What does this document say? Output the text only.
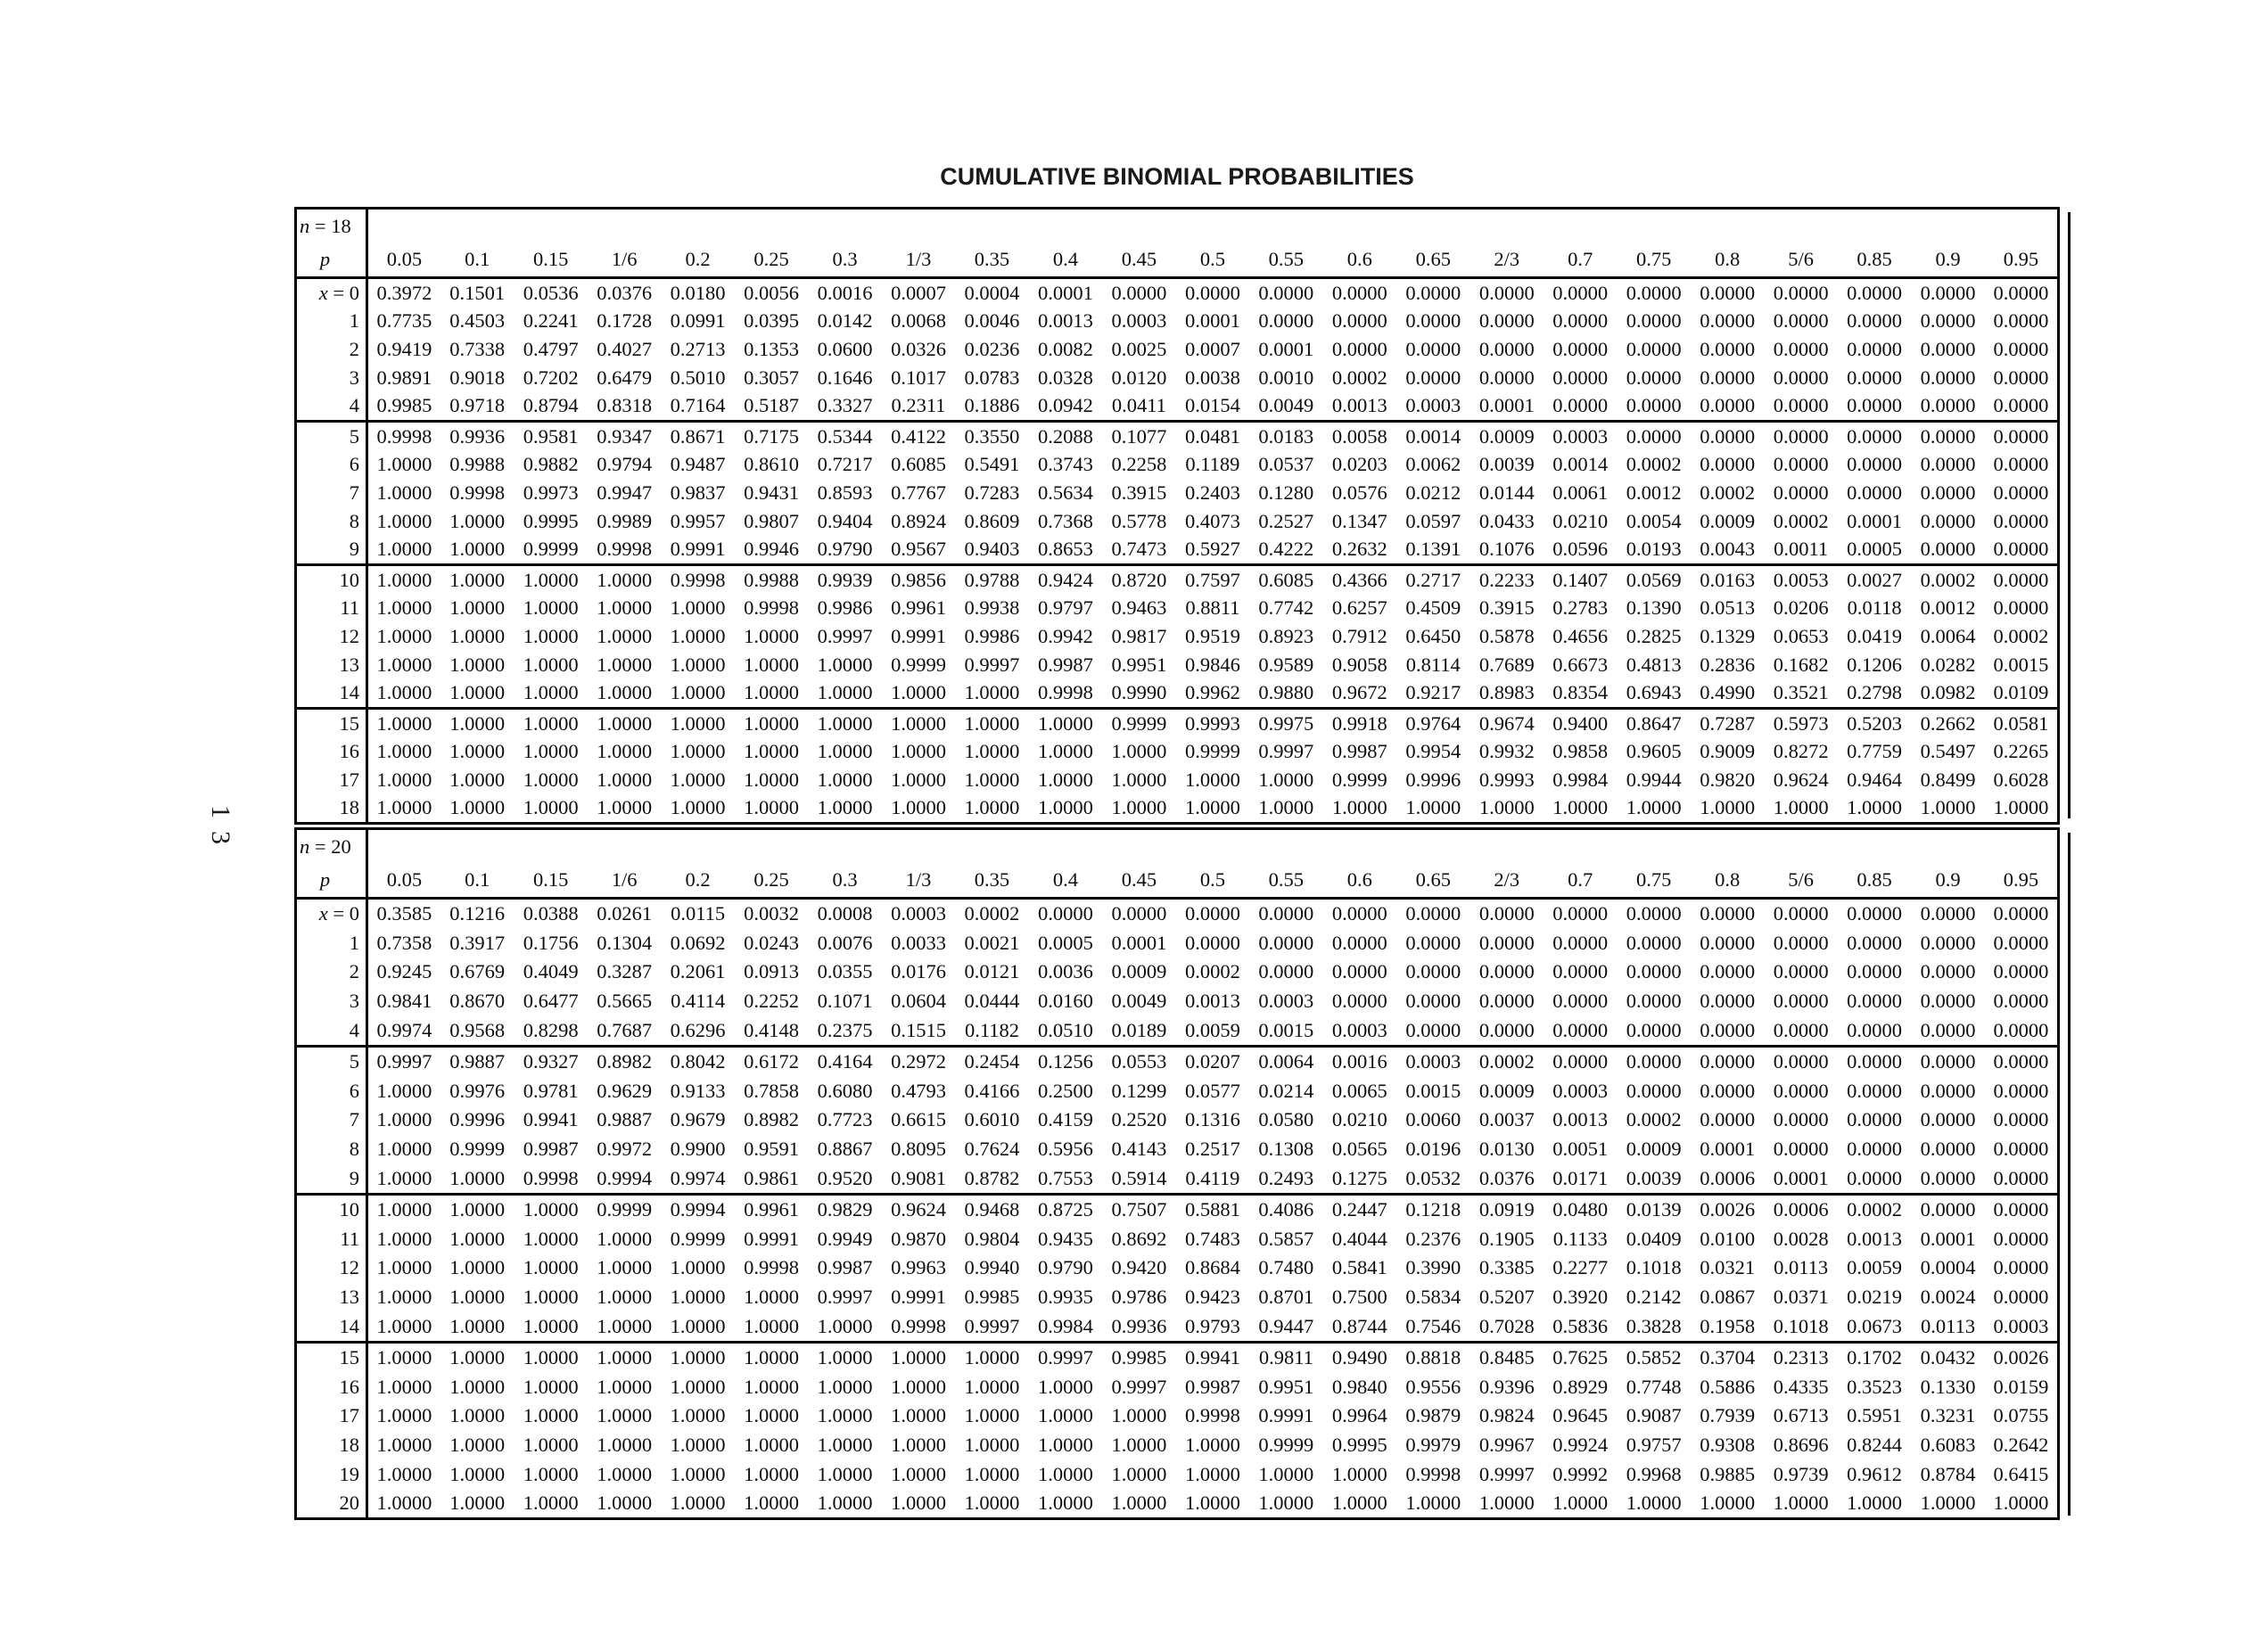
CUMULATIVE BINOMIAL PROBABILITIES
13
n = 18																							
p	0.05	0.1	0.15	1/6	0.2	0.25	0.3	1/3	0.35	0.4	0.45	0.5	0.55	0.6	0.65	2/3	0.7	0.75	0.8	5/6	0.85	0.9	0.95
x = 0	0.3972	0.1501	0.0536	0.0376	0.0180	0.0056	0.0016	0.0007	0.0004	0.0001	0.0000	0.0000	0.0000	0.0000	0.0000	0.0000	0.0000	0.0000	0.0000	0.0000	0.0000	0.0000	0.0000
1	0.7735	0.4503	0.2241	0.1728	0.0991	0.0395	0.0142	0.0068	0.0046	0.0013	0.0003	0.0001	0.0000	0.0000	0.0000	0.0000	0.0000	0.0000	0.0000	0.0000	0.0000	0.0000	0.0000
2	0.9419	0.7338	0.4797	0.4027	0.2713	0.1353	0.0600	0.0326	0.0236	0.0082	0.0025	0.0007	0.0001	0.0000	0.0000	0.0000	0.0000	0.0000	0.0000	0.0000	0.0000	0.0000	0.0000
3	0.9891	0.9018	0.7202	0.6479	0.5010	0.3057	0.1646	0.1017	0.0783	0.0328	0.0120	0.0038	0.0010	0.0002	0.0000	0.0000	0.0000	0.0000	0.0000	0.0000	0.0000	0.0000	0.0000
4	0.9985	0.9718	0.8794	0.8318	0.7164	0.5187	0.3327	0.2311	0.1886	0.0942	0.0411	0.0154	0.0049	0.0013	0.0003	0.0001	0.0000	0.0000	0.0000	0.0000	0.0000	0.0000	0.0000
5	0.9998	0.9936	0.9581	0.9347	0.8671	0.7175	0.5344	0.4122	0.3550	0.2088	0.1077	0.0481	0.0183	0.0058	0.0014	0.0009	0.0003	0.0000	0.0000	0.0000	0.0000	0.0000	0.0000
6	1.0000	0.9988	0.9882	0.9794	0.9487	0.8610	0.7217	0.6085	0.5491	0.3743	0.2258	0.1189	0.0537	0.0203	0.0062	0.0039	0.0014	0.0002	0.0000	0.0000	0.0000	0.0000	0.0000
7	1.0000	0.9998	0.9973	0.9947	0.9837	0.9431	0.8593	0.7767	0.7283	0.5634	0.3915	0.2403	0.1280	0.0576	0.0212	0.0144	0.0061	0.0012	0.0002	0.0000	0.0000	0.0000	0.0000
8	1.0000	1.0000	0.9995	0.9989	0.9957	0.9807	0.9404	0.8924	0.8609	0.7368	0.5778	0.4073	0.2527	0.1347	0.0597	0.0433	0.0210	0.0054	0.0009	0.0002	0.0001	0.0000	0.0000
9	1.0000	1.0000	0.9999	0.9998	0.9991	0.9946	0.9790	0.9567	0.9403	0.8653	0.7473	0.5927	0.4222	0.2632	0.1391	0.1076	0.0596	0.0193	0.0043	0.0011	0.0005	0.0000	0.0000
10	1.0000	1.0000	1.0000	1.0000	0.9998	0.9988	0.9939	0.9856	0.9788	0.9424	0.8720	0.7597	0.6085	0.4366	0.2717	0.2233	0.1407	0.0569	0.0163	0.0053	0.0027	0.0002	0.0000
11	1.0000	1.0000	1.0000	1.0000	1.0000	0.9998	0.9986	0.9961	0.9938	0.9797	0.9463	0.8811	0.7742	0.6257	0.4509	0.3915	0.2783	0.1390	0.0513	0.0206	0.0118	0.0012	0.0000
12	1.0000	1.0000	1.0000	1.0000	1.0000	1.0000	0.9997	0.9991	0.9986	0.9942	0.9817	0.9519	0.8923	0.7912	0.6450	0.5878	0.4656	0.2825	0.1329	0.0653	0.0419	0.0064	0.0002
13	1.0000	1.0000	1.0000	1.0000	1.0000	1.0000	1.0000	0.9999	0.9997	0.9987	0.9951	0.9846	0.9589	0.9058	0.8114	0.7689	0.6673	0.4813	0.2836	0.1682	0.1206	0.0282	0.0015
14	1.0000	1.0000	1.0000	1.0000	1.0000	1.0000	1.0000	1.0000	1.0000	0.9998	0.9990	0.9962	0.9880	0.9672	0.9217	0.8983	0.8354	0.6943	0.4990	0.3521	0.2798	0.0982	0.0109
15	1.0000	1.0000	1.0000	1.0000	1.0000	1.0000	1.0000	1.0000	1.0000	1.0000	0.9999	0.9993	0.9975	0.9918	0.9764	0.9674	0.9400	0.8647	0.7287	0.5973	0.5203	0.2662	0.0581
16	1.0000	1.0000	1.0000	1.0000	1.0000	1.0000	1.0000	1.0000	1.0000	1.0000	1.0000	0.9999	0.9997	0.9987	0.9954	0.9932	0.9858	0.9605	0.9009	0.8272	0.7759	0.5497	0.2265
17	1.0000	1.0000	1.0000	1.0000	1.0000	1.0000	1.0000	1.0000	1.0000	1.0000	1.0000	1.0000	1.0000	0.9999	0.9996	0.9993	0.9984	0.9944	0.9820	0.9624	0.9464	0.8499	0.6028
18	1.0000	1.0000	1.0000	1.0000	1.0000	1.0000	1.0000	1.0000	1.0000	1.0000	1.0000	1.0000	1.0000	1.0000	1.0000	1.0000	1.0000	1.0000	1.0000	1.0000	1.0000	1.0000	1.0000
n = 20																							
p	0.05	0.1	0.15	1/6	0.2	0.25	0.3	1/3	0.35	0.4	0.45	0.5	0.55	0.6	0.65	2/3	0.7	0.75	0.8	5/6	0.85	0.9	0.95
x = 0	0.3585	0.1216	0.0388	0.0261	0.0115	0.0032	0.0008	0.0003	0.0002	0.0000	0.0000	0.0000	0.0000	0.0000	0.0000	0.0000	0.0000	0.0000	0.0000	0.0000	0.0000	0.0000	0.0000
1	0.7358	0.3917	0.1756	0.1304	0.0692	0.0243	0.0076	0.0033	0.0021	0.0005	0.0001	0.0000	0.0000	0.0000	0.0000	0.0000	0.0000	0.0000	0.0000	0.0000	0.0000	0.0000	0.0000
2	0.9245	0.6769	0.4049	0.3287	0.2061	0.0913	0.0355	0.0176	0.0121	0.0036	0.0009	0.0002	0.0000	0.0000	0.0000	0.0000	0.0000	0.0000	0.0000	0.0000	0.0000	0.0000	0.0000
3	0.9841	0.8670	0.6477	0.5665	0.4114	0.2252	0.1071	0.0604	0.0444	0.0160	0.0049	0.0013	0.0003	0.0000	0.0000	0.0000	0.0000	0.0000	0.0000	0.0000	0.0000	0.0000	0.0000
4	0.9974	0.9568	0.8298	0.7687	0.6296	0.4148	0.2375	0.1515	0.1182	0.0510	0.0189	0.0059	0.0015	0.0003	0.0000	0.0000	0.0000	0.0000	0.0000	0.0000	0.0000	0.0000	0.0000
5	0.9997	0.9887	0.9327	0.8982	0.8042	0.6172	0.4164	0.2972	0.2454	0.1256	0.0553	0.0207	0.0064	0.0016	0.0003	0.0002	0.0000	0.0000	0.0000	0.0000	0.0000	0.0000	0.0000
6	1.0000	0.9976	0.9781	0.9629	0.9133	0.7858	0.6080	0.4793	0.4166	0.2500	0.1299	0.0577	0.0214	0.0065	0.0015	0.0009	0.0003	0.0000	0.0000	0.0000	0.0000	0.0000	0.0000
7	1.0000	0.9996	0.9941	0.9887	0.9679	0.8982	0.7723	0.6615	0.6010	0.4159	0.2520	0.1316	0.0580	0.0210	0.0060	0.0037	0.0013	0.0002	0.0000	0.0000	0.0000	0.0000	0.0000
8	1.0000	0.9999	0.9987	0.9972	0.9900	0.9591	0.8867	0.8095	0.7624	0.5956	0.4143	0.2517	0.1308	0.0565	0.0196	0.0130	0.0051	0.0009	0.0001	0.0000	0.0000	0.0000	0.0000
9	1.0000	1.0000	0.9998	0.9994	0.9974	0.9861	0.9520	0.9081	0.8782	0.7553	0.5914	0.4119	0.2493	0.1275	0.0532	0.0376	0.0171	0.0039	0.0006	0.0001	0.0000	0.0000	0.0000
10	1.0000	1.0000	1.0000	0.9999	0.9994	0.9961	0.9829	0.9624	0.9468	0.8725	0.7507	0.5881	0.4086	0.2447	0.1218	0.0919	0.0480	0.0139	0.0026	0.0006	0.0002	0.0000	0.0000
11	1.0000	1.0000	1.0000	1.0000	0.9999	0.9991	0.9949	0.9870	0.9804	0.9435	0.8692	0.7483	0.5857	0.4044	0.2376	0.1905	0.1133	0.0409	0.0100	0.0028	0.0013	0.0001	0.0000
12	1.0000	1.0000	1.0000	1.0000	1.0000	0.9998	0.9987	0.9963	0.9940	0.9790	0.9420	0.8684	0.7480	0.5841	0.3990	0.3385	0.2277	0.1018	0.0321	0.0113	0.0059	0.0004	0.0000
13	1.0000	1.0000	1.0000	1.0000	1.0000	1.0000	0.9997	0.9991	0.9985	0.9935	0.9786	0.9423	0.8701	0.7500	0.5834	0.5207	0.3920	0.2142	0.0867	0.0371	0.0219	0.0024	0.0000
14	1.0000	1.0000	1.0000	1.0000	1.0000	1.0000	1.0000	0.9998	0.9997	0.9984	0.9936	0.9793	0.9447	0.8744	0.7546	0.7028	0.5836	0.3828	0.1958	0.1018	0.0673	0.0113	0.0003
15	1.0000	1.0000	1.0000	1.0000	1.0000	1.0000	1.0000	1.0000	1.0000	0.9997	0.9985	0.9941	0.9811	0.9490	0.8818	0.8485	0.7625	0.5852	0.3704	0.2313	0.1702	0.0432	0.0026
16	1.0000	1.0000	1.0000	1.0000	1.0000	1.0000	1.0000	1.0000	1.0000	1.0000	0.9997	0.9987	0.9951	0.9840	0.9556	0.9396	0.8929	0.7748	0.5886	0.4335	0.3523	0.1330	0.0159
17	1.0000	1.0000	1.0000	1.0000	1.0000	1.0000	1.0000	1.0000	1.0000	1.0000	1.0000	0.9998	0.9991	0.9964	0.9879	0.9824	0.9645	0.9087	0.7939	0.6713	0.5951	0.3231	0.0755
18	1.0000	1.0000	1.0000	1.0000	1.0000	1.0000	1.0000	1.0000	1.0000	1.0000	1.0000	1.0000	0.9999	0.9995	0.9979	0.9967	0.9924	0.9757	0.9308	0.8696	0.8244	0.6083	0.2642
19	1.0000	1.0000	1.0000	1.0000	1.0000	1.0000	1.0000	1.0000	1.0000	1.0000	1.0000	1.0000	1.0000	1.0000	0.9998	0.9997	0.9992	0.9968	0.9885	0.9739	0.9612	0.8784	0.6415
20	1.0000	1.0000	1.0000	1.0000	1.0000	1.0000	1.0000	1.0000	1.0000	1.0000	1.0000	1.0000	1.0000	1.0000	1.0000	1.0000	1.0000	1.0000	1.0000	1.0000	1.0000	1.0000	1.0000
